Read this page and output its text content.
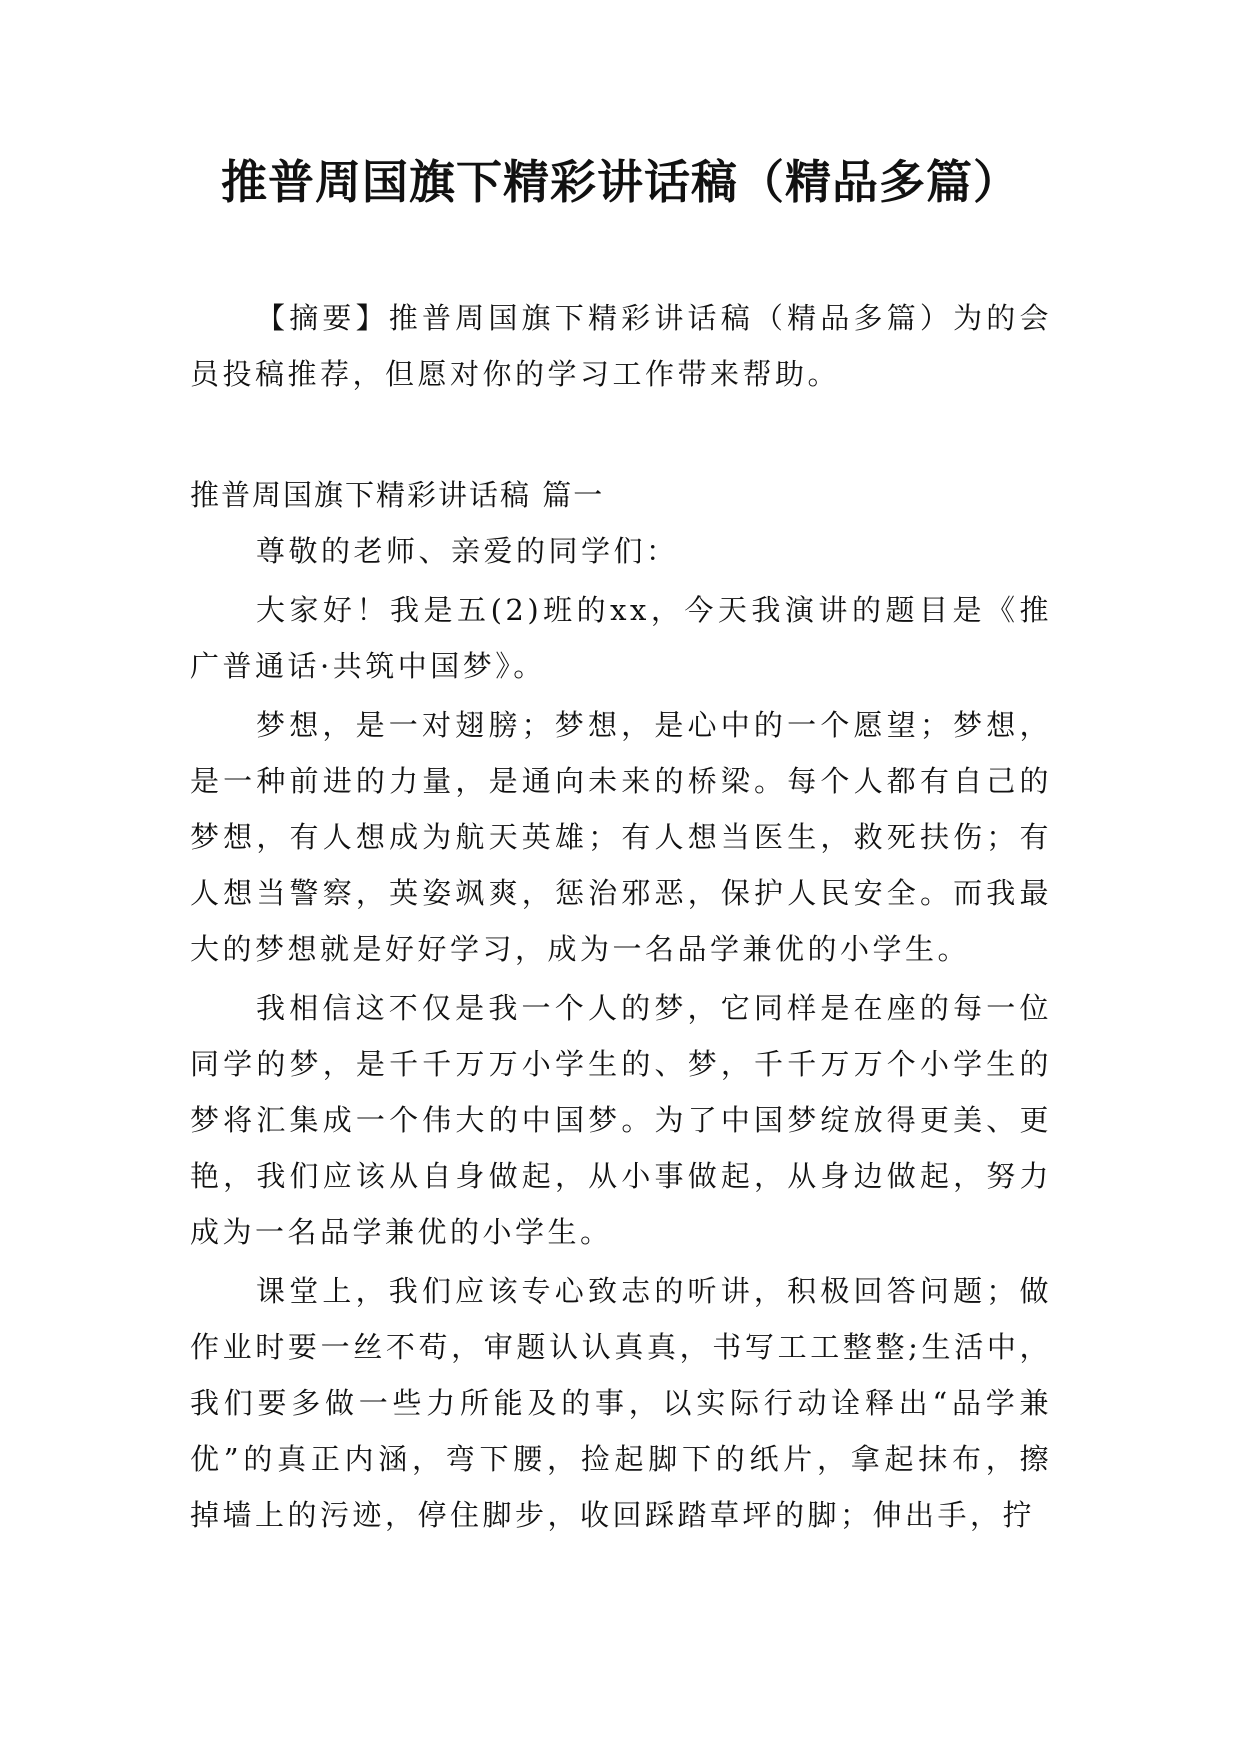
推普周国旗下精彩讲话稿（精品多篇）

【摘要】推普周国旗下精彩讲话稿（精品多篇）为的会员投稿推荐，但愿对你的学习工作带来帮助。

推普周国旗下精彩讲话稿 篇一

尊敬的老师、亲爱的同学们：

大家好！我是五(2)班的xx，今天我演讲的题目是《推广普通话·共筑中国梦》。

梦想，是一对翅膀；梦想，是心中的一个愿望；梦想，是一种前进的力量，是通向未来的桥梁。每个人都有自己的梦想，有人想成为航天英雄；有人想当医生，救死扶伤；有人想当警察，英姿飒爽，惩治邪恶，保护人民安全。而我最大的梦想就是好好学习，成为一名品学兼优的小学生。

我相信这不仅是我一个人的梦，它同样是在座的每一位同学的梦，是千千万万小学生的、梦，千千万万个小学生的梦将汇集成一个伟大的中国梦。为了中国梦绽放得更美、更艳，我们应该从自身做起，从小事做起，从身边做起，努力成为一名品学兼优的小学生。

课堂上，我们应该专心致志的听讲，积极回答问题；做作业时要一丝不苟，审题认认真真，书写工工整整;生活中，我们要多做一些力所能及的事，以实际行动诠释出“品学兼优”的真正内涵，弯下腰，捡起脚下的纸片，拿起抹布，擦掉墙上的污迹，停住脚步，收回踩踏草坪的脚；伸出手，拧
